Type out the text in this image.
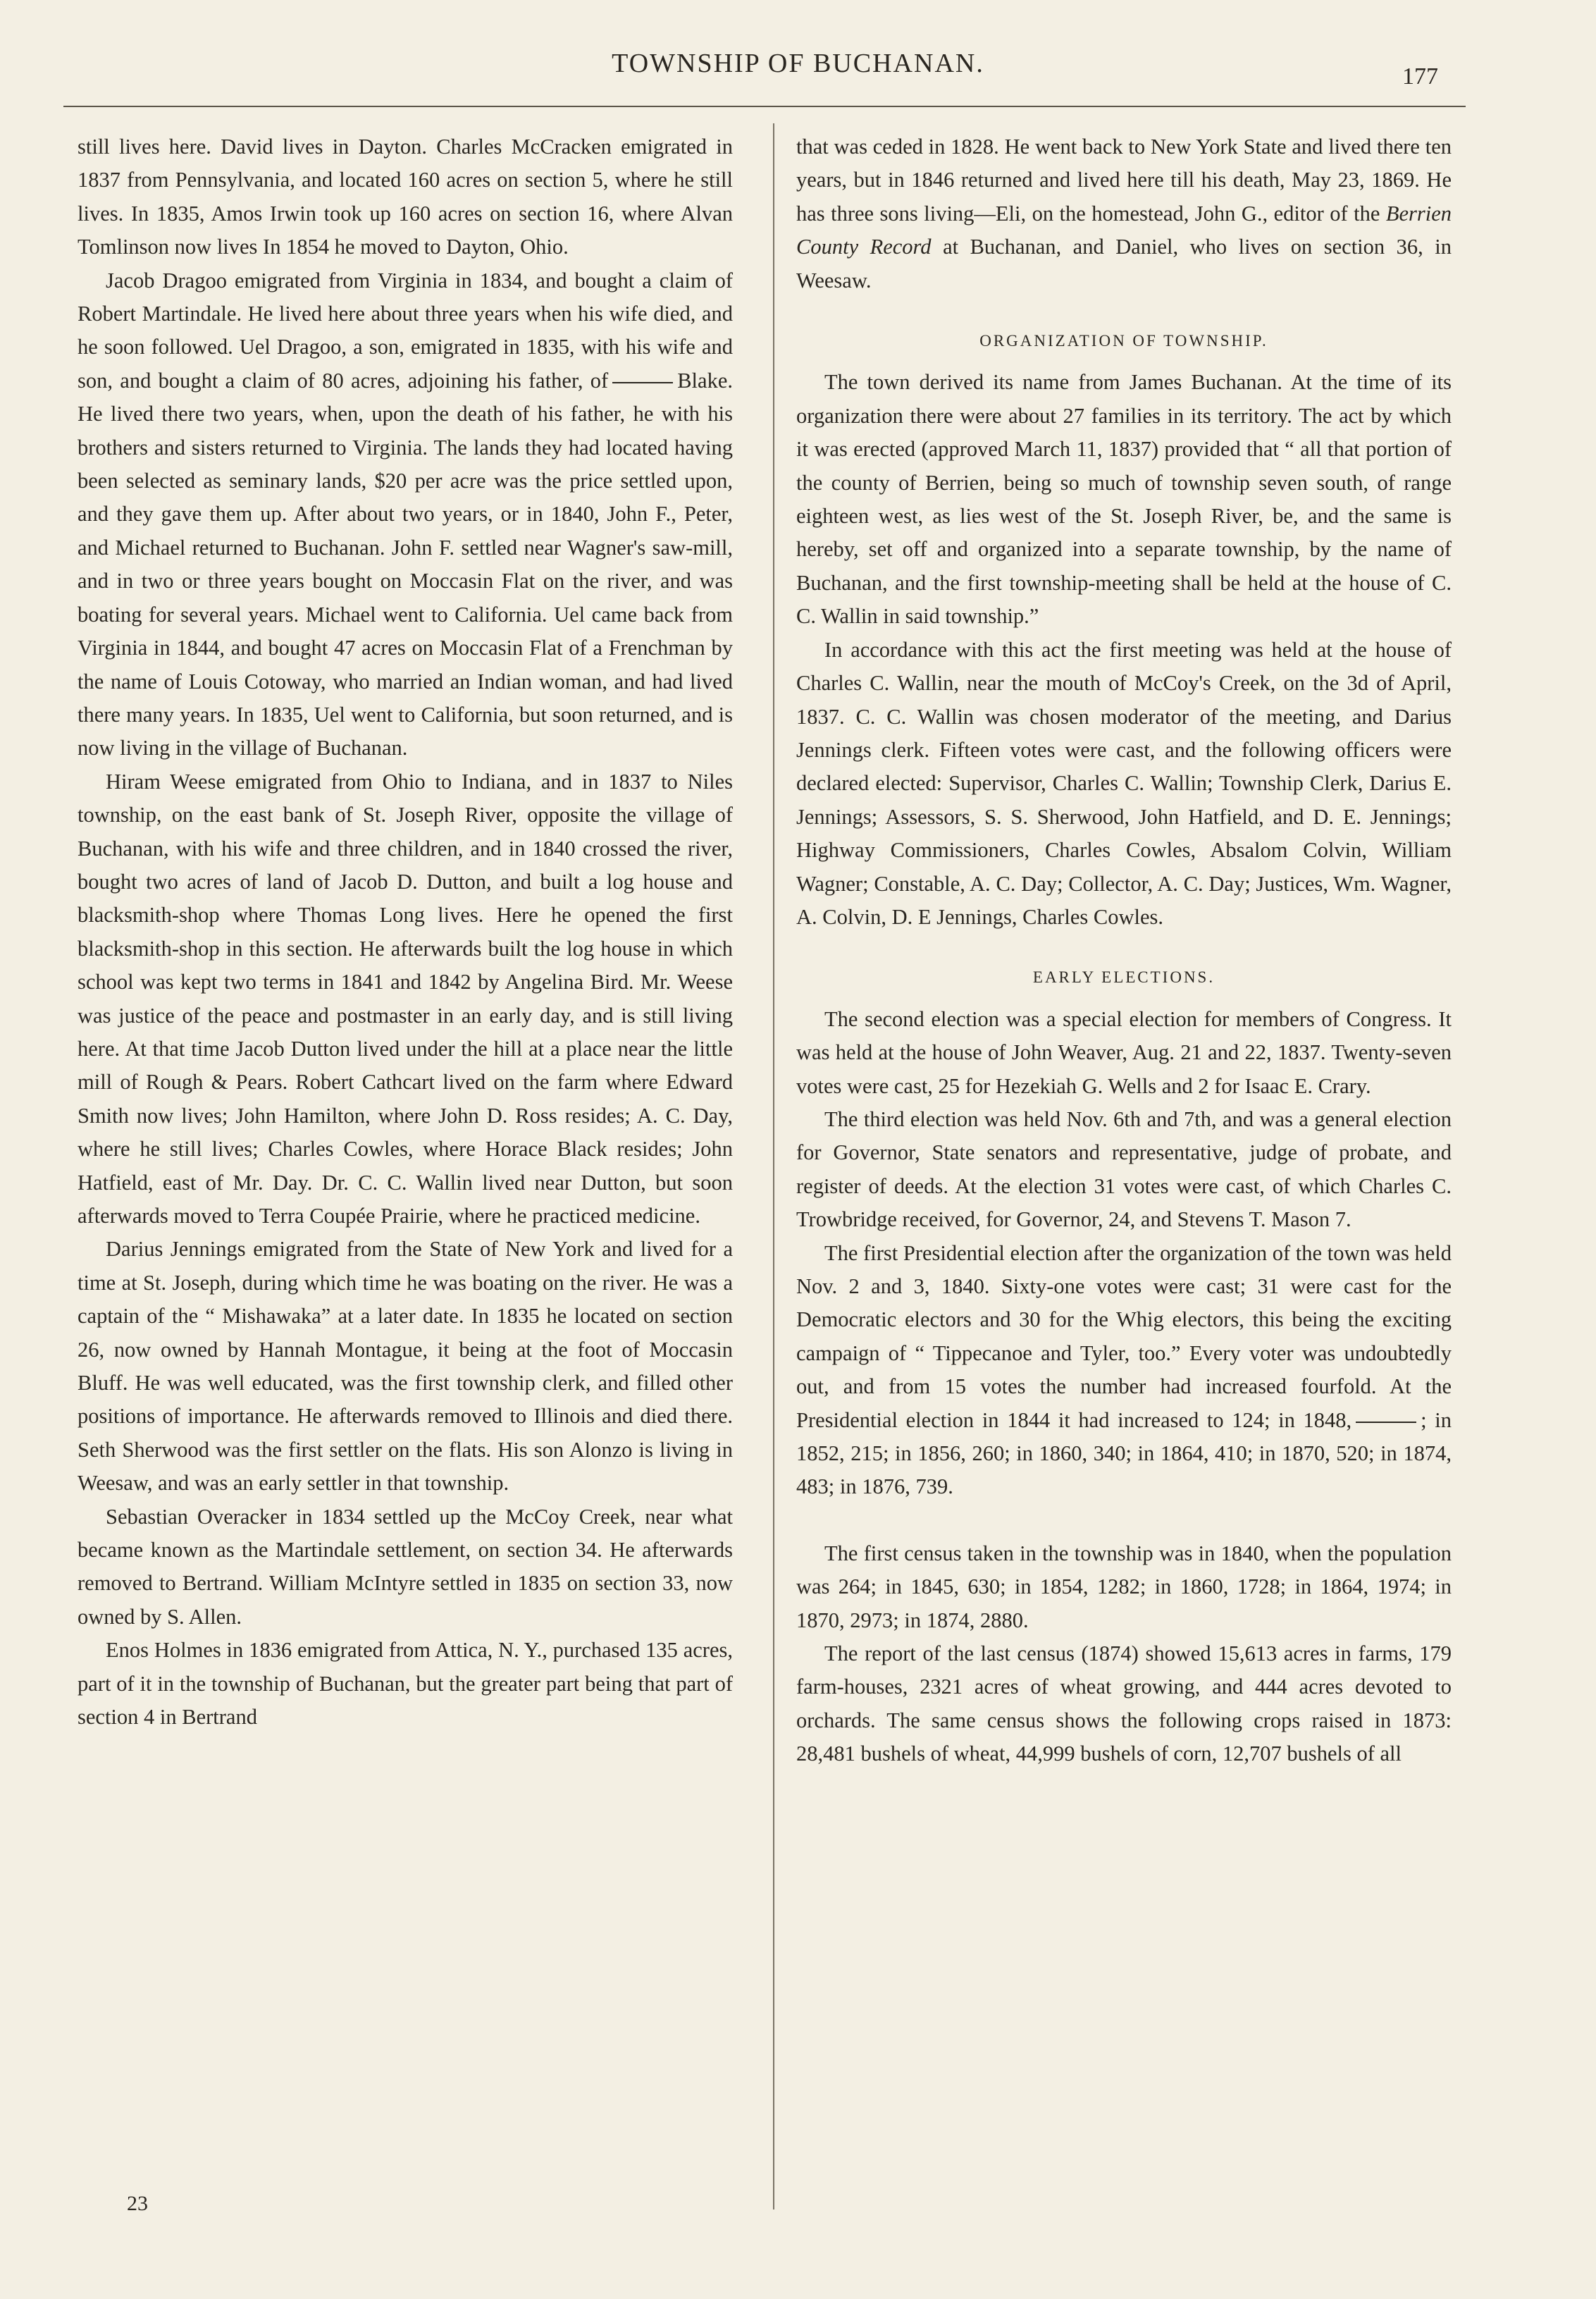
TOWNSHIP OF BUCHANAN.	177

still lives here. David lives in Dayton. Charles McCracken emigrated in 1837 from Pennsylvania, and located 160 acres on section 5, where he still lives. In 1835, Amos Irwin took up 160 acres on section 16, where Alvan Tomlinson now lives In 1854 he moved to Dayton, Ohio.

Jacob Dragoo emigrated from Virginia in 1834, and bought a claim of Robert Martindale. He lived here about three years when his wife died, and he soon followed. Uel Dragoo, a son, emigrated in 1835, with his wife and son, and bought a claim of 80 acres, adjoining his father, of	Blake. He lived there two years, when, upon the death of his father, he with his brothers and sisters returned to Virginia. The lands they had located having been selected as seminary lands, $20 per acre was the price settled upon, and they gave them up. After about two years, or in 1840, John F., Peter, and Michael returned to Buchanan. John F. settled near Wagner's saw-mill, and in two or three years bought on Moccasin Flat on the river, and was boating for several years. Michael went to California. Uel came back from Virginia in 1844, and bought 47 acres on Moccasin Flat of a Frenchman by the name of Louis Cotoway, who married an Indian woman, and had lived there many years. In 1835, Uel went to California, but soon returned, and is now living in the village of Buchanan.

Hiram Weese emigrated from Ohio to Indiana, and in 1837 to Niles township, on the east bank of St. Joseph River, opposite the village of Buchanan, with his wife and three children, and in 1840 crossed the river, bought two acres of land of Jacob D. Dutton, and built a log house and blacksmith-shop where Thomas Long lives. Here he opened the first blacksmith-shop in this section. He afterwards built the log house in which school was kept two terms in 1841 and 1842 by Angelina Bird. Mr. Weese was justice of the peace and postmaster in an early day, and is still living here. At that time Jacob Dutton lived under the hill at a place near the little mill of Rough & Pears. Robert Cathcart lived on the farm where Edward Smith now lives; John Hamilton, where John D. Ross resides; A. C. Day, where he still lives; Charles Cowles, where Horace Black resides; John Hatfield, east of Mr. Day. Dr. C. C. Wallin lived near Dutton, but soon afterwards moved to Terra Coupée Prairie, where he practiced medicine.

Darius Jennings emigrated from the State of New York and lived for a time at St. Joseph, during which time he was boating on the river. He was a captain of the “ Mishawaka” at a later date. In 1835 he located on section 26, now owned by Hannah Montague, it being at the foot of Moccasin Bluff. He was well educated, was the first township clerk, and filled other positions of importance. He afterwards removed to Illinois and died there. Seth Sherwood was the first settler on the flats. His son Alonzo is living in Weesaw, and was an early settler in that township.

Sebastian Overacker in 1834 settled up the McCoy Creek, near what became known as the Martindale settlement, on section 34. He afterwards removed to Bertrand. William McIntyre settled in 1835 on section 33, now owned by S. Allen.

Enos Holmes in 1836 emigrated from Attica, N. Y., purchased 135 acres, part of it in the township of Buchanan, but the greater part being that part of section 4 in Bertrand

that was ceded in 1828. He went back to New York State and lived there ten years, but in 1846 returned and lived here till his death, May 23, 1869. He has three sons living—Eli, on the homestead, John G., editor of the Berrien County Record at Buchanan, and Daniel, who lives on section 36, in Weesaw.

ORGANIZATION OF TOWNSHIP.

The town derived its name from James Buchanan. At the time of its organization there were about 27 families in its territory. The act by which it was erected (approved March 11, 1837) provided that “ all that portion of the county of Berrien, being so much of township seven south, of range eighteen west, as lies west of the St. Joseph River, be, and the same is hereby, set off and organized into a separate township, by the name of Buchanan, and the first township-meeting shall be held at the house of C. C. Wallin in said township.”

In accordance with this act the first meeting was held at the house of Charles C. Wallin, near the mouth of McCoy's Creek, on the 3d of April, 1837. C. C. Wallin was chosen moderator of the meeting, and Darius Jennings clerk. Fifteen votes were cast, and the following officers were declared elected: Supervisor, Charles C. Wallin; Township Clerk, Darius E. Jennings; Assessors, S. S. Sherwood, John Hatfield, and D. E. Jennings; Highway Commissioners, Charles Cowles, Absalom Colvin, William Wagner; Constable, A. C. Day; Collector, A. C. Day; Justices, Wm. Wagner, A. Colvin, D. E Jennings, Charles Cowles.

EARLY ELECTIONS.

The second election was a special election for members of Congress. It was held at the house of John Weaver, Aug. 21 and 22, 1837. Twenty-seven votes were cast, 25 for Hezekiah G. Wells and 2 for Isaac E. Crary.

The third election was held Nov. 6th and 7th, and was a general election for Governor, State senators and representative, judge of probate, and register of deeds. At the election 31 votes were cast, of which Charles C. Trowbridge received, for Governor, 24, and Stevens T. Mason 7.

The first Presidential election after the organization of the town was held Nov. 2 and 3, 1840. Sixty-one votes were cast; 31 were cast for the Democratic electors and 30 for the Whig electors, this being the exciting campaign of “ Tippecanoe and Tyler, too.” Every voter was undoubtedly out, and from 15 votes the number had increased fourfold. At the Presidential election in 1844 it had increased to 124; in 1848,	; in 1852, 215; in 1856, 260; in 1860, 340; in 1864, 410; in 1870, 520; in 1874, 483; in 1876, 739.

The first census taken in the township was in 1840, when the population was 264; in 1845, 630; in 1854, 1282; in 1860, 1728; in 1864, 1974; in 1870, 2973; in 1874, 2880.

The report of the last census (1874) showed 15,613 acres in farms, 179 farm-houses, 2321 acres of wheat growing, and 444 acres devoted to orchards. The same census shows the following crops raised in 1873: 28,481 bushels of wheat, 44,999 bushels of corn, 12,707 bushels of all

23
